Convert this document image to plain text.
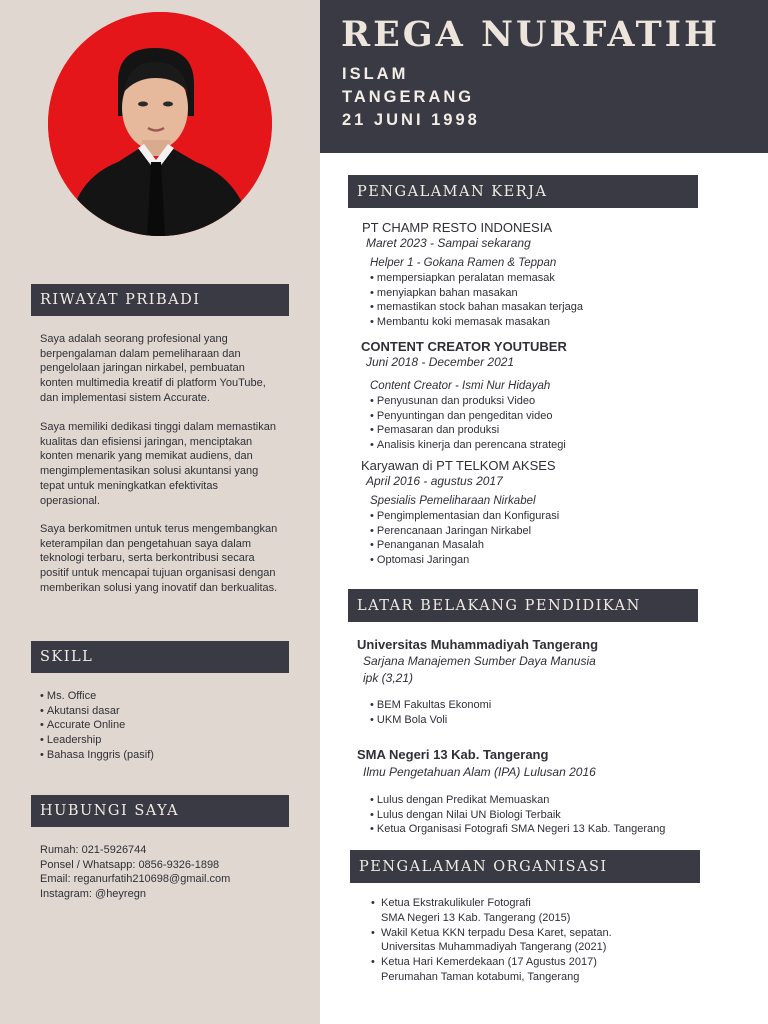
REGA NURFATIH
ISLAM
TANGERANG
21 JUNI 1998
RIWAYAT PRIBADI

Saya adalah seorang profesional yang berpengalaman dalam pemeliharaan dan pengelolaan jaringan nirkabel, pembuatan konten multimedia kreatif di platform YouTube, dan implementasi sistem Accurate.

Saya memiliki dedikasi tinggi dalam memastikan kualitas dan efisiensi jaringan, menciptakan konten menarik yang memikat audiens, dan mengimplementasikan solusi akuntansi yang tepat untuk meningkatkan efektivitas operasional.

Saya berkomitmen untuk terus mengembangkan keterampilan dan pengetahuan saya dalam teknologi terbaru, serta berkontribusi secara positif untuk mencapai tujuan organisasi dengan memberikan solusi yang inovatif dan berkualitas.

SKILL
• Ms. Office
• Akutansi dasar
• Accurate Online
• Leadership
• Bahasa Inggris (pasif)
HUBUNGI SAYA
Rumah: 021-5926744
Ponsel / Whatsapp: 0856-9326-1898
Email: reganurfatih210698@gmail.com
Instagram: @heyregn
PENGALAMAN KERJA
PT CHAMP RESTO INDONESIA
Maret 2023 - Sampai sekarang
Helper 1 - Gokana Ramen & Teppan
• mempersiapkan peralatan memasak
• menyiapkan bahan masakan
• memastikan stock bahan masakan terjaga
• Membantu koki memasak masakan
CONTENT CREATOR YOUTUBER
Juni 2018 - December 2021
Content Creator - Ismi Nur Hidayah
• Penyusunan dan produksi Video
• Penyuntingan dan pengeditan video
• Pemasaran dan produksi
• Analisis kinerja dan perencana strategi
Karyawan di PT TELKOM AKSES
April 2016 - agustus 2017
Spesialis Pemeliharaan Nirkabel
• Pengimplementasian dan Konfigurasi
• Perencanaan Jaringan Nirkabel
• Penanganan Masalah
• Optomasi Jaringan
LATAR BELAKANG PENDIDIKAN
Universitas Muhammadiyah Tangerang
Sarjana Manajemen Sumber Daya Manusia
ipk (3,21)
• BEM Fakultas Ekonomi
• UKM Bola Voli
SMA Negeri 13 Kab. Tangerang
Ilmu Pengetahuan Alam (IPA) Lulusan 2016
• Lulus dengan Predikat Memuaskan
• Lulus dengan Nilai UN Biologi Terbaik
• Ketua Organisasi Fotografi SMA Negeri 13 Kab. Tangerang
PENGALAMAN ORGANISASI
• Ketua Ekstrakulikuler Fotografi
SMA Negeri 13 Kab. Tangerang (2015)
• Wakil Ketua KKN terpadu Desa Karet, sepatan.
Universitas Muhammadiyah Tangerang (2021)
• Ketua Hari Kemerdekaan (17 Agustus 2017)
Perumahan Taman kotabumi, Tangerang
